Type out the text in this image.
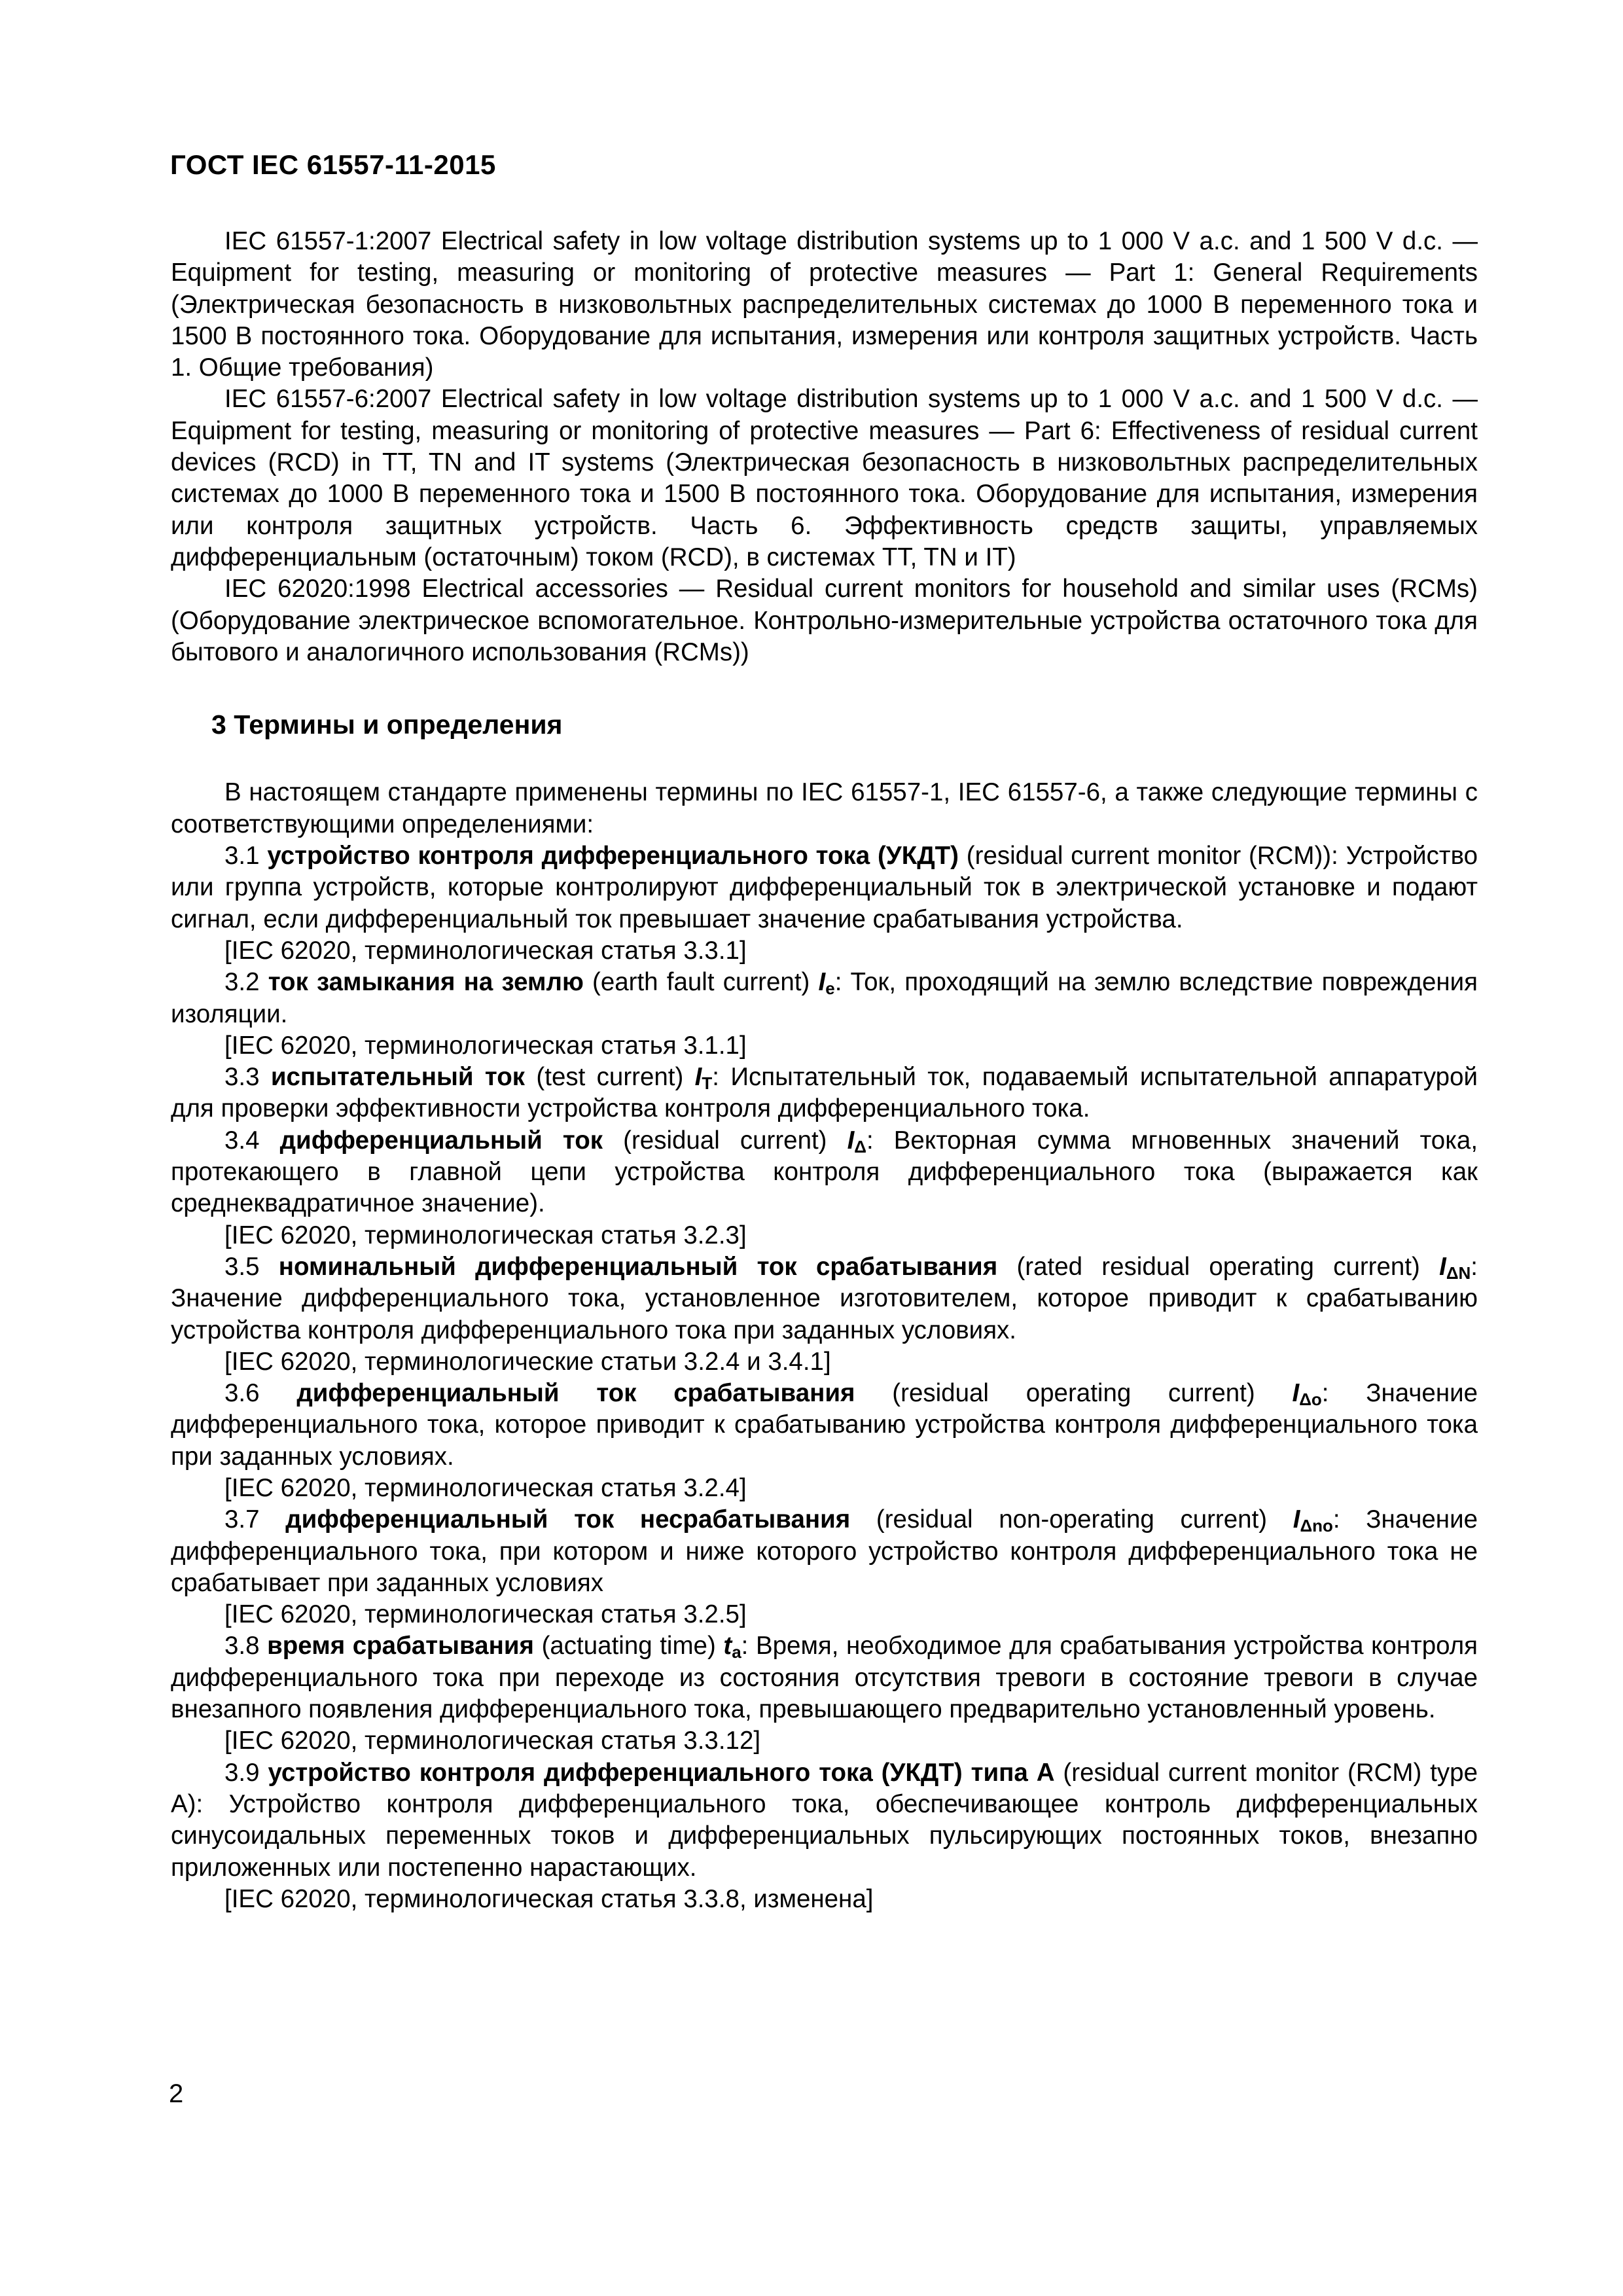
ГОСТ IEC 61557-11-2015

IEC 61557-1:2007 Electrical safety in low voltage distribution systems up to 1 000 V a.c. and 1 500 V d.c. — Equipment for testing, measuring or monitoring of protective measures — Part 1: General Requirements (Электрическая безопасность в низковольтных распределительных системах до 1000 В переменного тока и 1500 В постоянного тока. Оборудование для испытания, измерения или контроля защитных устройств. Часть 1. Общие требования)

IEC 61557-6:2007 Electrical safety in low voltage distribution systems up to 1 000 V a.c. and 1 500 V d.c. — Equipment for testing, measuring or monitoring of protective measures — Part 6: Effectiveness of residual current devices (RCD) in TT, TN and IT systems (Электрическая безопасность в низковольтных распределительных системах до 1000 В переменного тока и 1500 В постоянного тока. Оборудование для испытания, измерения или контроля защитных устройств. Часть 6. Эффективность средств защиты, управляемых дифференциальным (остаточным) током (RCD), в системах TT, TN и IT)

IEC 62020:1998 Electrical accessories — Residual current monitors for household and similar uses (RCMs) (Оборудование электрическое вспомогательное. Контрольно-измерительные устройства остаточного тока для бытового и аналогичного использования (RCMs))

3 Термины и определения

В настоящем стандарте применены термины по IEC 61557-1, IEC 61557-6, а также следующие термины с соответствующими определениями:

3.1 устройство контроля дифференциального тока (УКДТ) (residual current monitor (RCM)): Устройство или группа устройств, которые контролируют дифференциальный ток в электрической установке и подают сигнал, если дифференциальный ток превышает значение срабатывания устройства.

[IEC 62020, терминологическая статья 3.3.1]

3.2 ток замыкания на землю (earth fault current) $I_e$: Ток, проходящий на землю вследствие повреждения изоляции.

[IEC 62020, терминологическая статья 3.1.1]

3.3 испытательный ток (test current) $I_T$: Испытательный ток, подаваемый испытательной аппаратурой для проверки эффективности устройства контроля дифференциального тока.

3.4 дифференциальный ток (residual current) $I_\Delta$: Векторная сумма мгновенных значений тока, протекающего в главной цепи устройства контроля дифференциального тока (выражается как среднеквадратичное значение).

[IEC 62020, терминологическая статья 3.2.3]

3.5 номинальный дифференциальный ток срабатывания (rated residual operating current) $I_{\Delta N}$: Значение дифференциального тока, установленное изготовителем, которое приводит к срабатыванию устройства контроля дифференциального тока при заданных условиях.

[IEC 62020, терминологические статьи 3.2.4 и 3.4.1]

3.6 дифференциальный ток срабатывания (residual operating current) $I_{\Delta o}$: Значение дифференциального тока, которое приводит к срабатыванию устройства контроля дифференциального тока при заданных условиях.

[IEC 62020, терминологическая статья 3.2.4]

3.7 дифференциальный ток несрабатывания (residual non-operating current) $I_{\Delta no}$: Значение дифференциального тока, при котором и ниже которого устройство контроля дифференциального тока не срабатывает при заданных условиях

[IEC 62020, терминологическая статья 3.2.5]

3.8 время срабатывания (actuating time) $t_a$: Время, необходимое для срабатывания устройства контроля дифференциального тока при переходе из состояния отсутствия тревоги в состояние тревоги в случае внезапного появления дифференциального тока, превышающего предварительно установленный уровень.

[IEC 62020, терминологическая статья 3.3.12]

3.9 устройство контроля дифференциального тока (УКДТ) типа А (residual current monitor (RCM) type A): Устройство контроля дифференциального тока, обеспечивающее контроль дифференциальных синусоидальных переменных токов и дифференциальных пульсирующих постоянных токов, внезапно приложенных или постепенно нарастающих.

[IEC 62020, терминологическая статья 3.3.8, изменена]

2
